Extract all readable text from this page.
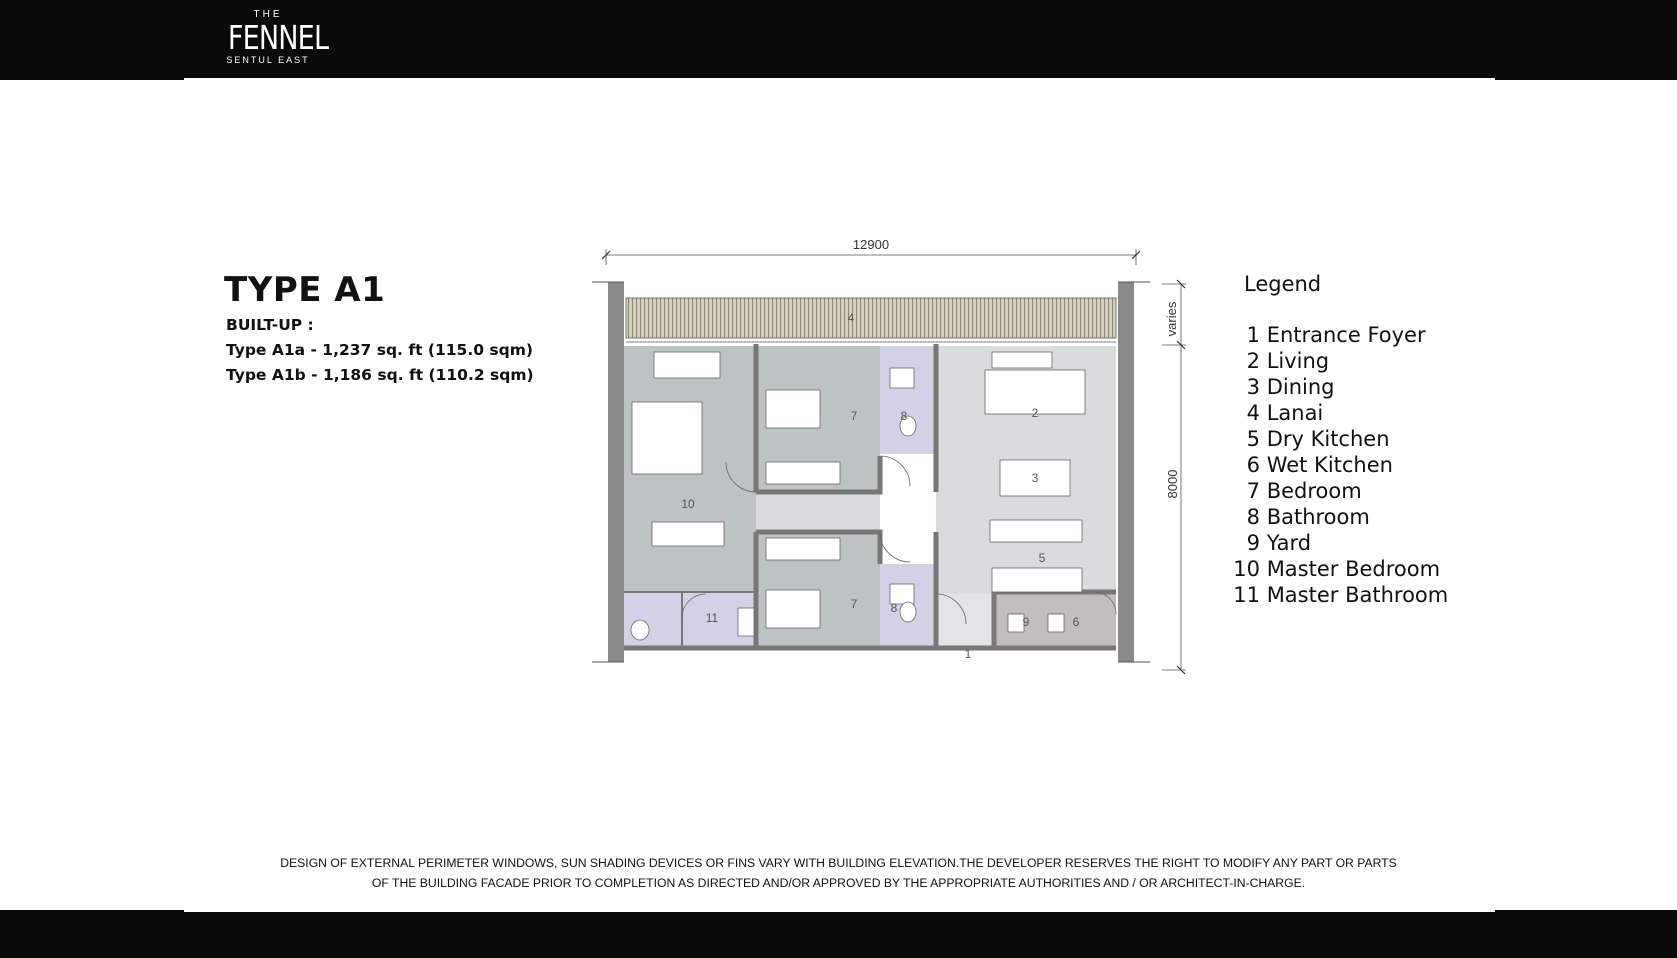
THE
FENNEL
SENTUL EAST
TYPE A1
BUILT-UP :
Type A1a - 1,237 sq. ft (115.0 sqm)
Type A1b - 1,186 sq. ft (110.2 sqm)
12900
varies
8000
4
10
7	8	2
3
5
7	8
11
1
9	6
Legend
1 Entrance Foyer
2 Living
3 Dining
4 Lanai
5 Dry Kitchen
6 Wet Kitchen
7 Bedroom
8 Bathroom
9 Yard
10 Master Bedroom
11 Master Bathroom
DESIGN OF EXTERNAL PERIMETER WINDOWS, SUN SHADING DEVICES OR FINS VARY WITH BUILDING ELEVATION.THE DEVELOPER RESERVES THE RIGHT TO MODIFY ANY PART OR PARTS
OF THE BUILDING FACADE PRIOR TO COMPLETION AS DIRECTED AND/OR APPROVED BY THE APPROPRIATE AUTHORITIES AND / OR ARCHITECT-IN-CHARGE.
